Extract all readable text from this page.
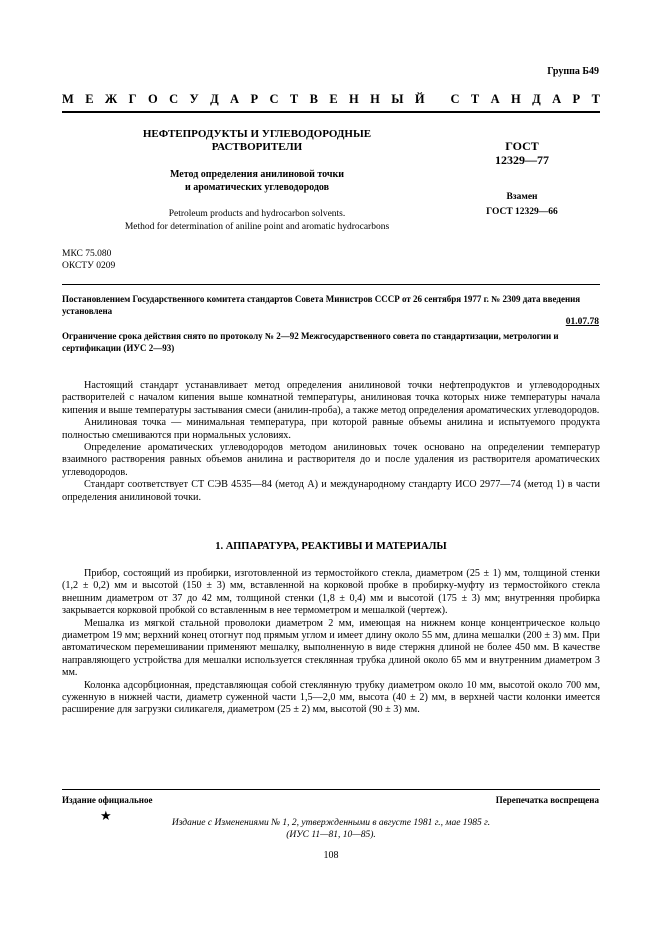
Группа Б49
М Е Ж Г О С У Д А Р С Т В Е Н Н Ы Й
С Т А Н Д А Р Т
НЕФТЕПРОДУКТЫ И УГЛЕВОДОРОДНЫЕ
РАСТВОРИТЕЛИ
Метод определения анилиновой точки
и ароматических углеводородов
Petroleum products and hydrocarbon solvents.
Method for determination of aniline point and aromatic hydrocarbons
ГОСТ
12329—77
Взамен
ГОСТ 12329—66
МКС 75.080
ОКСТУ 0209
Постановлением Государственного комитета стандартов Совета Министров СССР от 26 сентября 1977 г. № 2309 дата введения установлена
01.07.78
Ограничение срока действия снято по протоколу № 2—92 Межгосударственного совета по стандартизации, метрологии и сертификации (ИУС 2—93)

Настоящий стандарт устанавливает метод определения анилиновой точки нефтепродуктов и углеводородных растворителей с началом кипения выше комнатной температуры, анилиновая точка которых ниже температуры начала кипения и выше температуры застывания смеси (анилин-проба), а также метод определения ароматических углеводородов.

Анилиновая точка — минимальная температура, при которой равные объемы анилина и испытуемого продукта полностью смешиваются при нормальных условиях.

Определение ароматических углеводородов методом анилиновых точек основано на определении температур взаимного растворения равных объемов анилина и растворителя до и после удаления из растворителя ароматических углеводородов.

Стандарт соответствует СТ СЭВ 4535—84 (метод А) и международному стандарту ИСО 2977—74 (метод 1) в части определения анилиновой точки.

1. АППАРАТУРА, РЕАКТИВЫ И МАТЕРИАЛЫ

Прибор, состоящий из пробирки, изготовленной из термостойкого стекла, диаметром (25 ± 1) мм, толщиной стенки (1,2 ± 0,2) мм и высотой (150 ± 3) мм, вставленной на корковой пробке в пробирку-муфту из термостойкого стекла внешним диаметром от 37 до 42 мм, толщиной стенки (1,8 ± 0,4) мм и высотой (175 ± 3) мм; внутренняя пробирка закрывается корковой пробкой со вставленным в нее термометром и мешалкой (чертеж).

Мешалка из мягкой стальной проволоки диаметром 2 мм, имеющая на нижнем конце концентрическое кольцо диаметром 19 мм; верхний конец отогнут под прямым углом и имеет длину около 55 мм, длина мешалки (200 ± 3) мм. При автоматическом перемешивании применяют мешалку, выполненную в виде стержня длиной не более 450 мм. В качестве направляющего устройства для мешалки используется стеклянная трубка длиной около 65 мм и внутренним диаметром 3 мм.

Колонка адсорбционная, представляющая собой стеклянную трубку диаметром около 10 мм, высотой около 700 мм, суженную в нижней части, диаметр суженной части 1,5—2,0 мм, высота (40 ± 2) мм, в верхней части колонки имеется расширение для загрузки силикагеля, диаметром (25 ± 2) мм, высотой (90 ± 3) мм.

Издание официальное	Перепечатка воспрещена
★	Издание с Изменениями № 1, 2, утвержденными в августе 1981 г., мае 1985 г.
(ИУС 11—81, 10—85).
108
